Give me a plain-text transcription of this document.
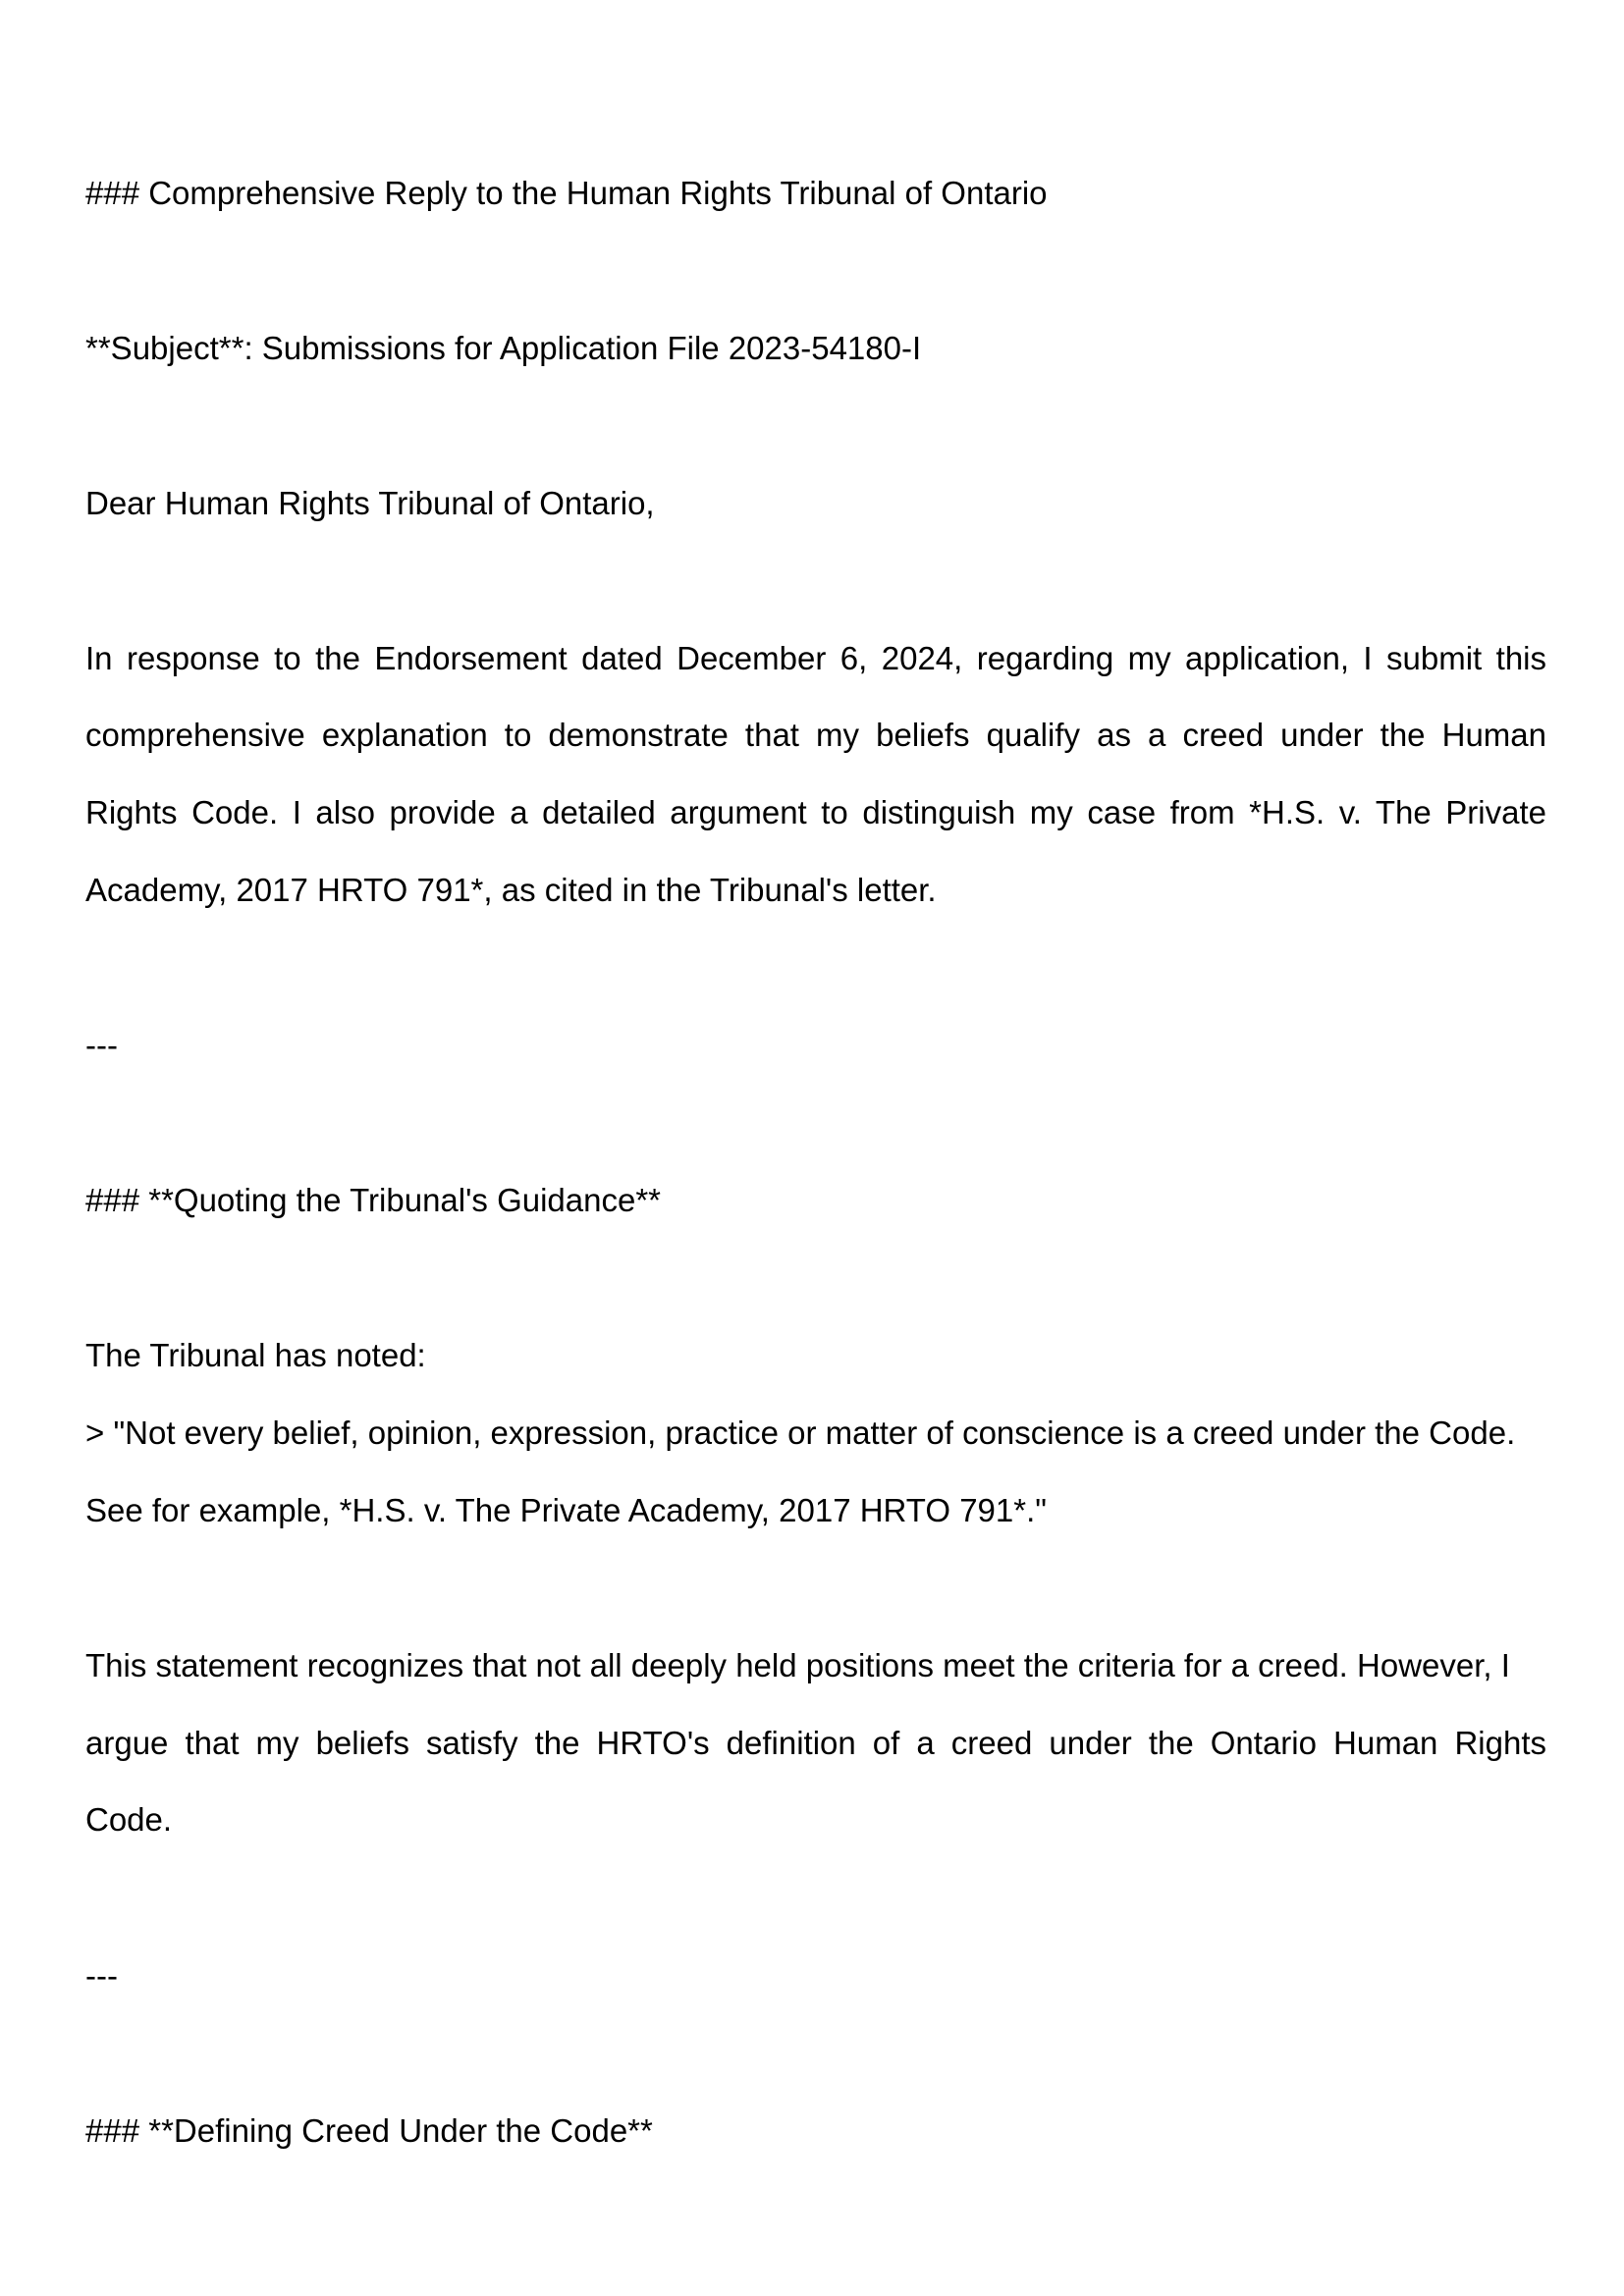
### Comprehensive Reply to the Human Rights Tribunal of Ontario
**Subject**: Submissions for Application File 2023-54180-I
Dear Human Rights Tribunal of Ontario,
In response to the Endorsement dated December 6, 2024, regarding my application, I submit this
comprehensive explanation to demonstrate that my beliefs qualify as a creed under the Human
Rights Code. I also provide a detailed argument to distinguish my case from *H.S. v. The Private
Academy, 2017 HRTO 791*, as cited in the Tribunal's letter.
---
### **Quoting the Tribunal's Guidance**
The Tribunal has noted:
> "Not every belief, opinion, expression, practice or matter of conscience is a creed under the Code.
See for example, *H.S. v. The Private Academy, 2017 HRTO 791*."
This statement recognizes that not all deeply held positions meet the criteria for a creed. However, I
argue that my beliefs satisfy the HRTO's definition of a creed under the Ontario Human Rights
Code.
---
### **Defining Creed Under the Code**
